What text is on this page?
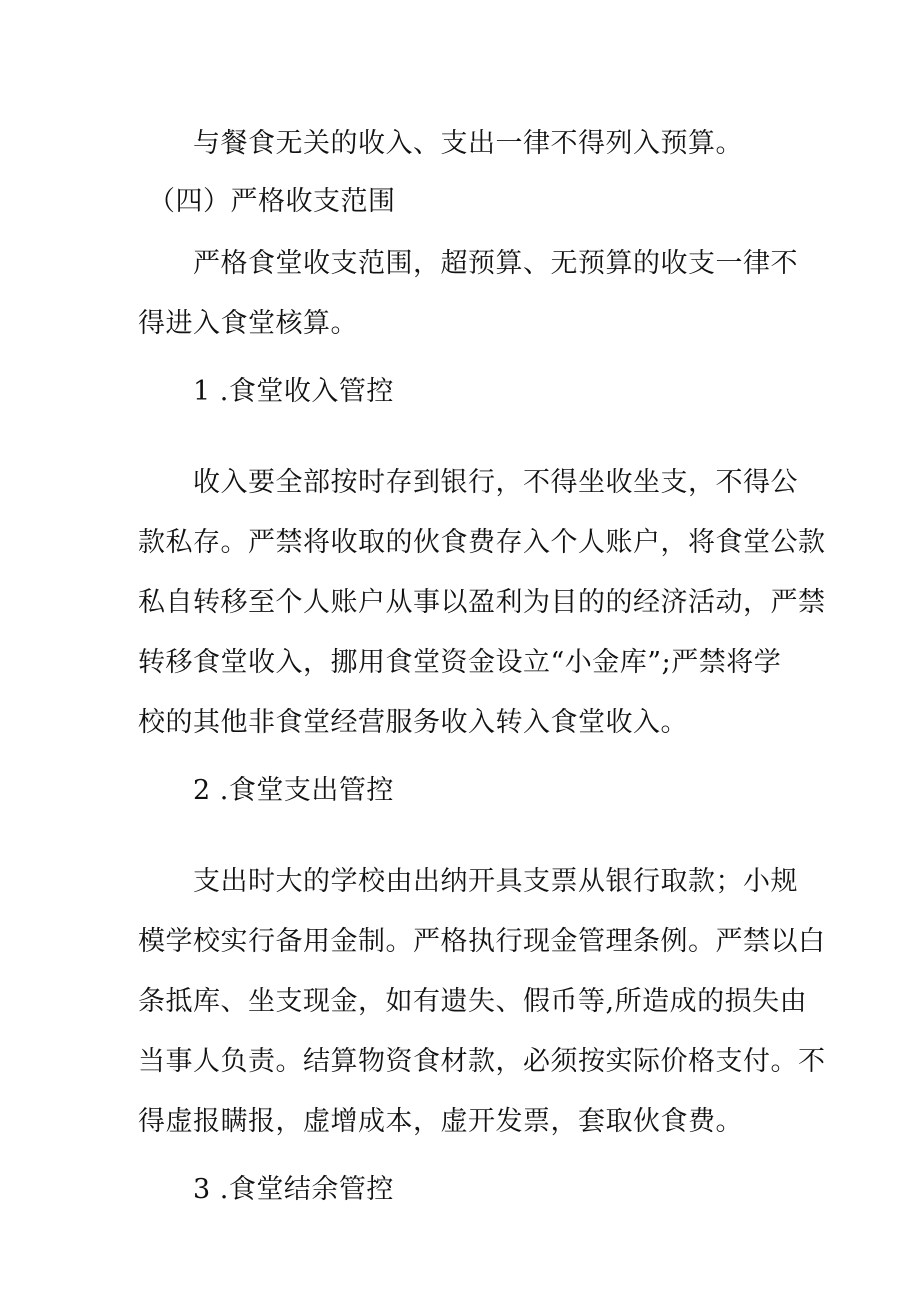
与餐食无关的收入、支出一律不得列入预算。
（四）严格收支范围
严格食堂收支范围，超预算、无预算的收支一律不
得进入食堂核算。
1 .食堂收入管控
收入要全部按时存到银行，不得坐收坐支，不得公
款私存。严禁将收取的伙食费存入个人账户，将食堂公款
私自转移至个人账户从事以盈利为目的的经济活动，严禁
转移食堂收入，挪用食堂资金设立“小金库”;严禁将学
校的其他非食堂经营服务收入转入食堂收入。
2 .食堂支出管控
支出时大的学校由出纳开具支票从银行取款；小规
模学校实行备用金制。严格执行现金管理条例。严禁以白
条抵库、坐支现金，如有遗失、假币等,所造成的损失由
当事人负责。结算物资食材款，必须按实际价格支付。不
得虚报瞒报，虚增成本，虚开发票，套取伙食费。
3 .食堂结余管控
